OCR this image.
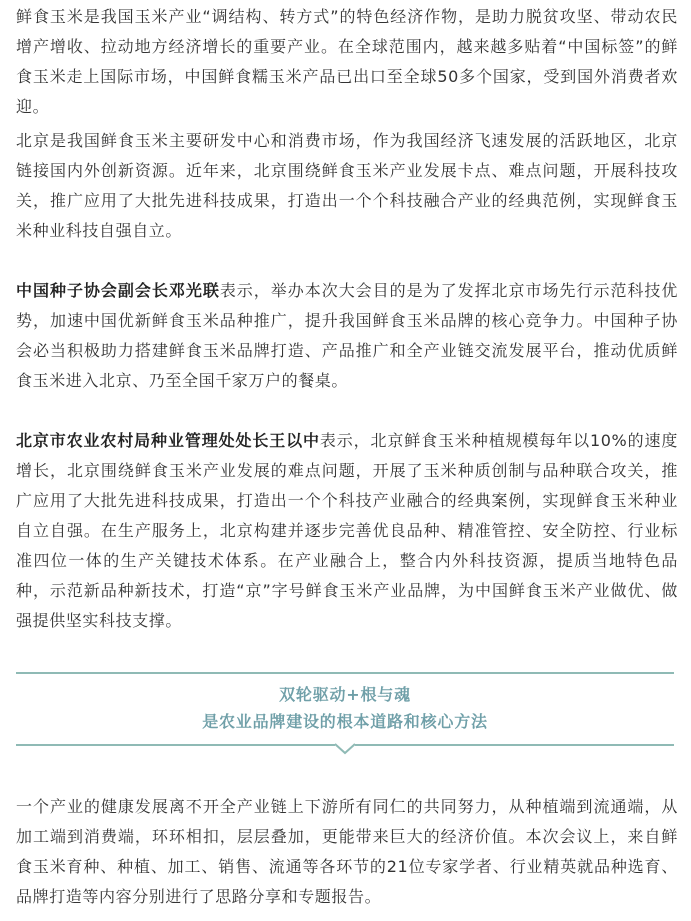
鲜食玉米是我国玉米产业“调结构、转方式”的特色经济作物，是助力脱贫攻坚、带动农民增产增收、拉动地方经济增长的重要产业。在全球范围内，越来越多贴着“中国标签”的鲜食玉米走上国际市场，中国鲜食糯玉米产品已出口至全球50多个国家，受到国外消费者欢迎。

北京是我国鲜食玉米主要研发中心和消费市场，作为我国经济飞速发展的活跃地区，北京链接国内外创新资源。近年来，北京围绕鲜食玉米产业发展卡点、难点问题，开展科技攻关，推广应用了大批先进科技成果，打造出一个个科技融合产业的经典范例，实现鲜食玉米种业科技自强自立。

中国种子协会副会长邓光联表示，举办本次大会目的是为了发挥北京市场先行示范科技优势，加速中国优新鲜食玉米品种推广，提升我国鲜食玉米品牌的核心竞争力。中国种子协会必当积极助力搭建鲜食玉米品牌打造、产品推广和全产业链交流发展平台，推动优质鲜食玉米进入北京、乃至全国千家万户的餐桌。

北京市农业农村局种业管理处处长王以中表示，北京鲜食玉米种植规模每年以10%的速度增长，北京围绕鲜食玉米产业发展的难点问题，开展了玉米种质创制与品种联合攻关，推广应用了大批先进科技成果，打造出一个个科技产业融合的经典案例，实现鲜食玉米种业自立自强。在生产服务上，北京构建并逐步完善优良品种、精准管控、安全防控、行业标准四位一体的生产关键技术体系。在产业融合上，整合内外科技资源，提质当地特色品种，示范新品种新技术，打造“京”字号鲜食玉米产业品牌，为中国鲜食玉米产业做优、做强提供坚实科技支撑。

双轮驱动+根与魂
是农业品牌建设的根本道路和核心方法

一个产业的健康发展离不开全产业链上下游所有同仁的共同努力，从种植端到流通端，从加工端到消费端，环环相扣，层层叠加，更能带来巨大的经济价值。本次会议上，来自鲜食玉米育种、种植、加工、销售、流通等各环节的21位专家学者、行业精英就品种选育、品牌打造等内容分别进行了思路分享和专题报告。
